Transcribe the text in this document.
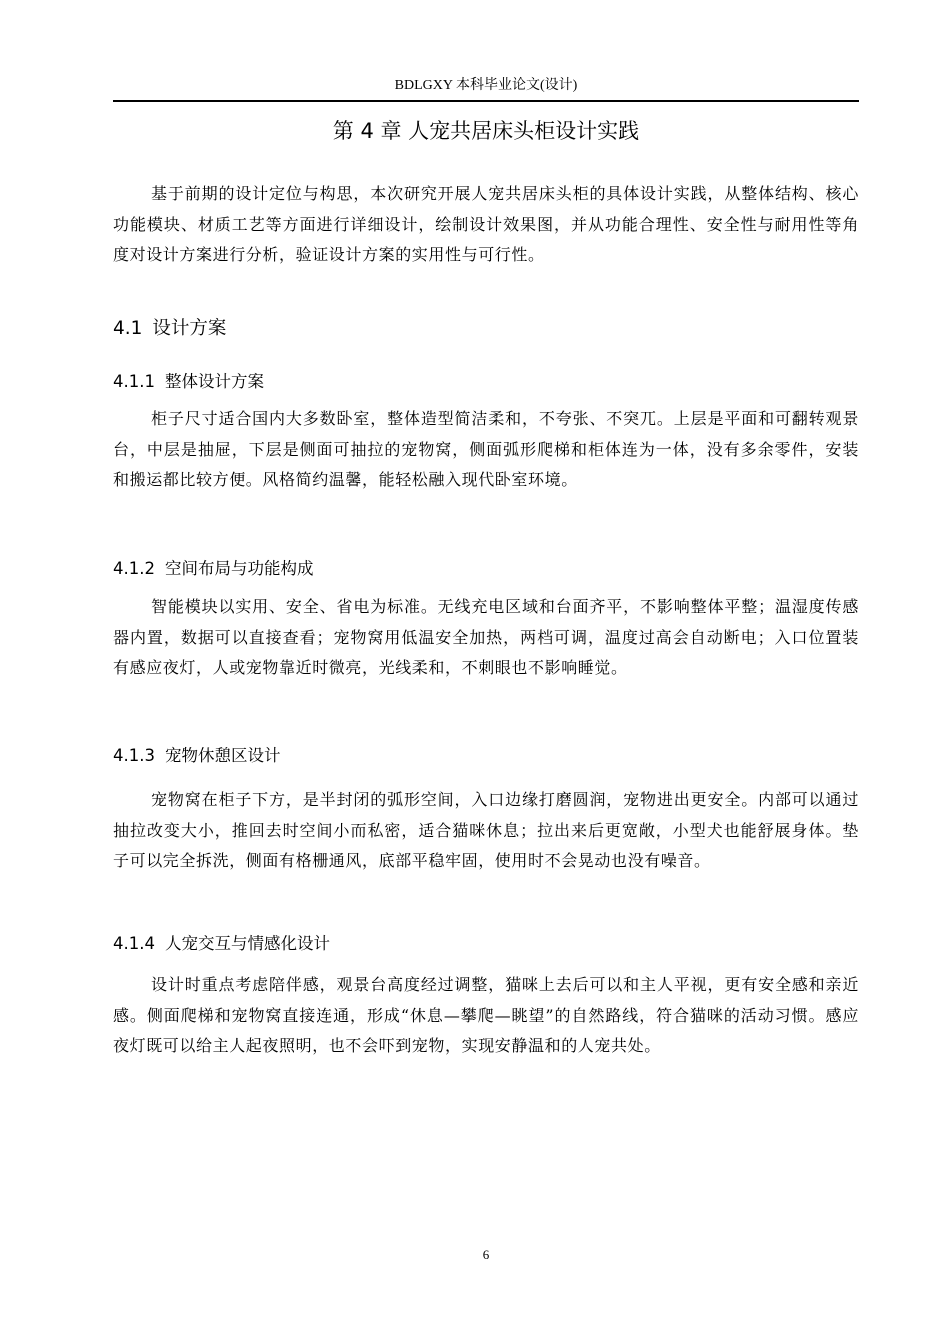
BDLGXY 本科毕业论文(设计)
第 4 章 人宠共居床头柜设计实践

基于前期的设计定位与构思，本次研究开展人宠共居床头柜的具体设计实践，从整体结构、核心功能模块、材质工艺等方面进行详细设计，绘制设计效果图，并从功能合理性、安全性与耐用性等角度对设计方案进行分析，验证设计方案的实用性与可行性。

4.1 设计方案
4.1.1 整体设计方案

柜子尺寸适合国内大多数卧室，整体造型简洁柔和，不夸张、不突兀。上层是平面和可翻转观景台，中层是抽屉，下层是侧面可抽拉的宠物窝，侧面弧形爬梯和柜体连为一体，没有多余零件，安装和搬运都比较方便。风格简约温馨，能轻松融入现代卧室环境。

4.1.2 空间布局与功能构成

智能模块以实用、安全、省电为标准。无线充电区域和台面齐平，不影响整体平整；温湿度传感器内置，数据可以直接查看；宠物窝用低温安全加热，两档可调，温度过高会自动断电；入口位置装有感应夜灯，人或宠物靠近时微亮，光线柔和，不刺眼也不影响睡觉。

4.1.3 宠物休憩区设计

宠物窝在柜子下方，是半封闭的弧形空间，入口边缘打磨圆润，宠物进出更安全。内部可以通过抽拉改变大小，推回去时空间小而私密，适合猫咪休息；拉出来后更宽敞，小型犬也能舒展身体。垫子可以完全拆洗，侧面有格栅通风，底部平稳牢固，使用时不会晃动也没有噪音。

4.1.4 人宠交互与情感化设计

设计时重点考虑陪伴感，观景台高度经过调整，猫咪上去后可以和主人平视，更有安全感和亲近感。侧面爬梯和宠物窝直接连通，形成“休息—攀爬—眺望”的自然路线，符合猫咪的活动习惯。感应夜灯既可以给主人起夜照明，也不会吓到宠物，实现安静温和的人宠共处。

6
